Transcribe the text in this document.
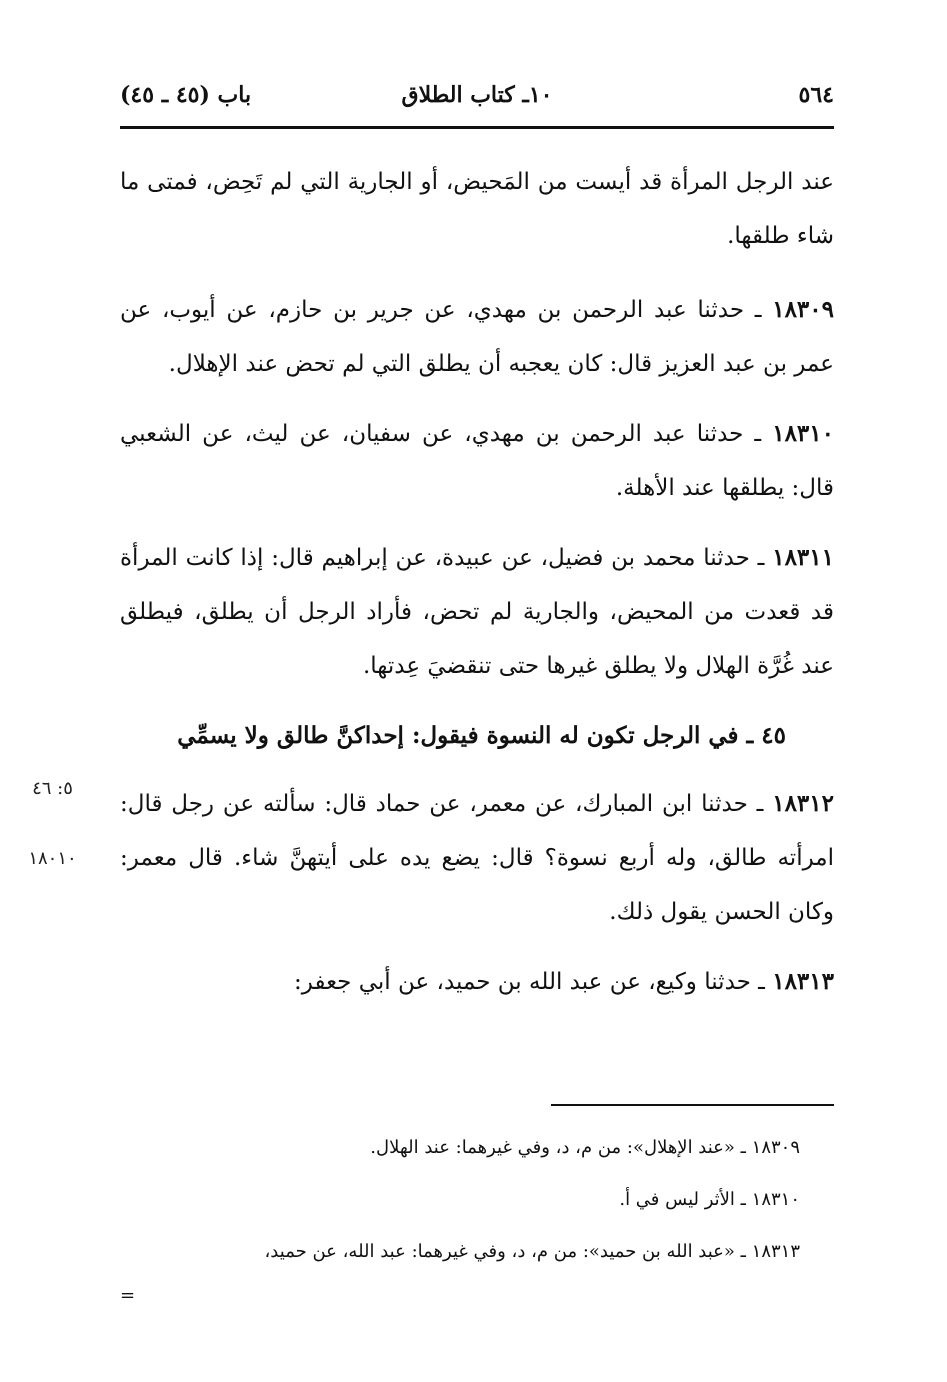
٥٦٤
١٠ـ كتاب الطلاق
باب (٤٥ ـ ٤٥)

عند الرجل المرأة قد أيست من المَحيض، أو الجارية التي لم تَحِض، فمتى ما شاء طلقها.

١٨٣٠٩ ـ حدثنا عبد الرحمن بن مهدي، عن جرير بن حازم، عن أيوب، عن عمر بن عبد العزيز قال: كان يعجبه أن يطلق التي لم تحض عند الإهلال.

١٨٣١٠ ـ حدثنا عبد الرحمن بن مهدي، عن سفيان، عن ليث، عن الشعبي قال: يطلقها عند الأهلة.

١٨٣١١ ـ حدثنا محمد بن فضيل، عن عبيدة، عن إبراهيم قال: إذا كانت المرأة قد قعدت من المحيض، والجارية لم تحض، فأراد الرجل أن يطلق، فيطلق عند غُرَّة الهلال ولا يطلق غيرها حتى تنقضيَ عِدتها.

٤٥ ـ في الرجل تكون له النسوة فيقول: إحداكنَّ طالق ولا يسمِّي

١٨٣١٢ ـ حدثنا ابن المبارك، عن معمر، عن حماد قال: سألته عن رجل قال: امرأته طالق، وله أربع نسوة؟ قال: يضع يده على أيتهنَّ شاء. قال معمر: وكان الحسن يقول ذلك.

١٨٣١٣ ـ حدثنا وكيع، عن عبد الله بن حميد، عن أبي جعفر:

٥: ٤٦
١٨٠١٠

١٨٣٠٩ ـ «عند الإهلال»: من م، د، وفي غيرهما: عند الهلال.

١٨٣١٠ ـ الأثر ليس في أ.

١٨٣١٣ ـ «عبد الله بن حميد»: من م، د، وفي غيرهما: عبد الله، عن حميد،

=
